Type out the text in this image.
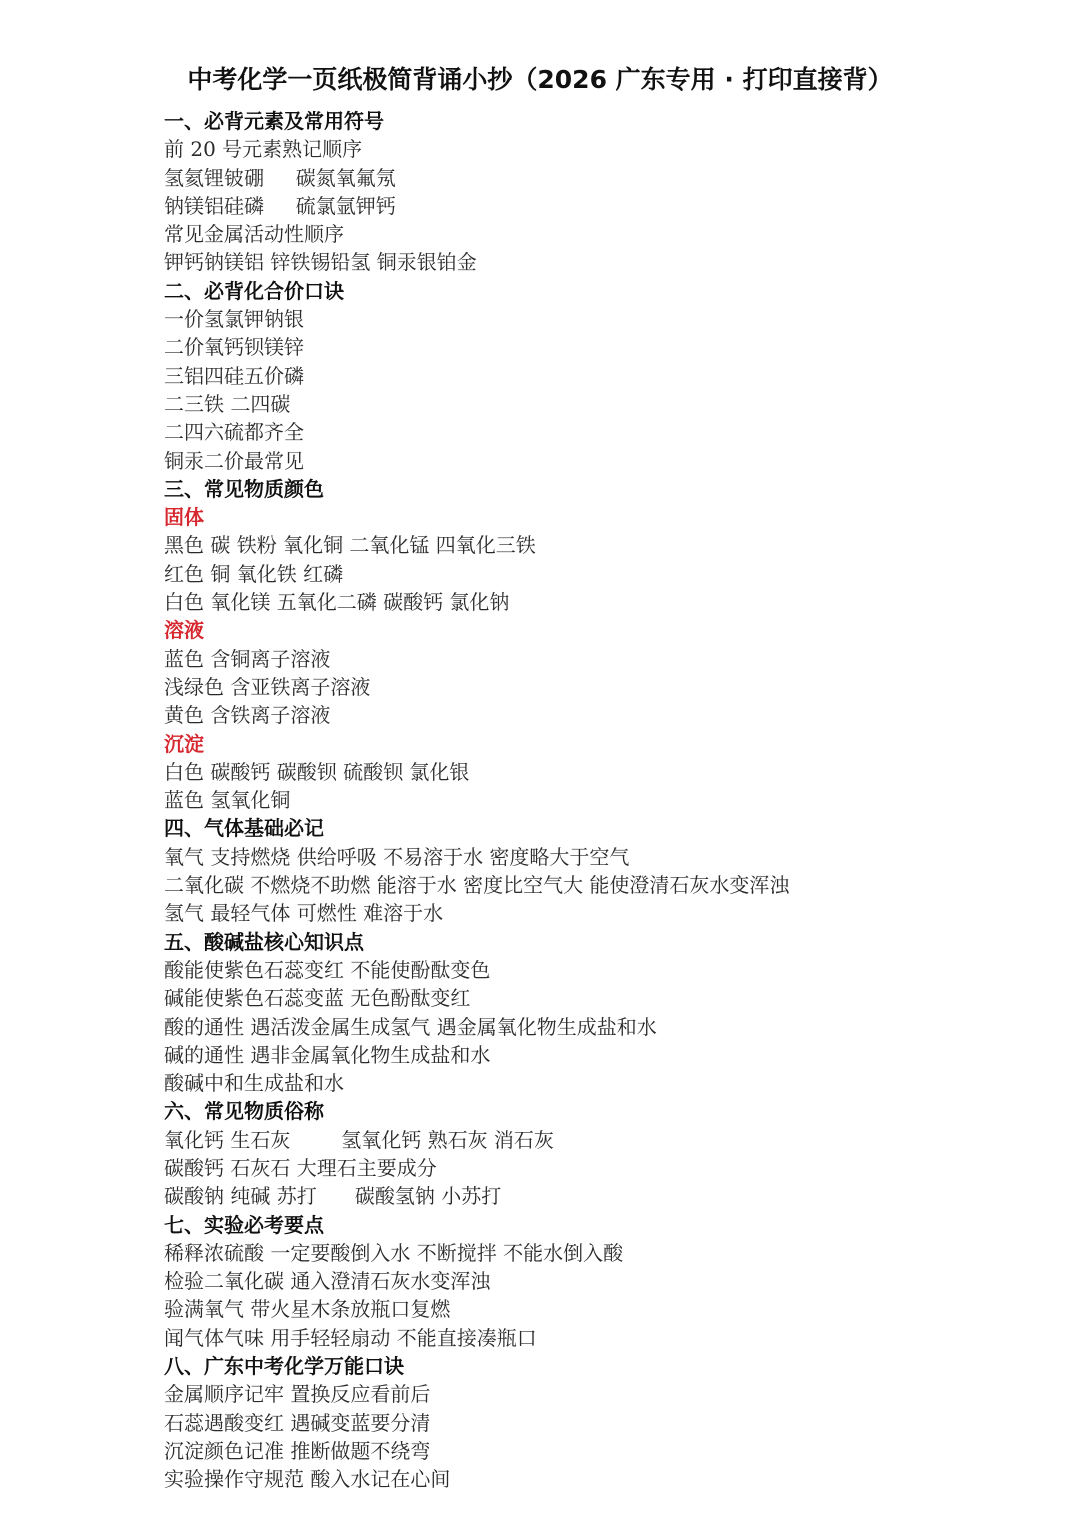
中考化学一页纸极简背诵小抄（2026 广东专用 · 打印直接背）
一、必背元素及常用符号
前 20 号元素熟记顺序
氢氦锂铍硼     碳氮氧氟氖
钠镁铝硅磷     硫氯氩钾钙
常见金属活动性顺序
钾钙钠镁铝 锌铁锡铅氢 铜汞银铂金
二、必背化合价口诀
一价氢氯钾钠银
二价氧钙钡镁锌
三铝四硅五价磷
二三铁 二四碳
二四六硫都齐全
铜汞二价最常见
三、常见物质颜色
固体
黑色 碳 铁粉 氧化铜 二氧化锰 四氧化三铁
红色 铜 氧化铁 红磷
白色 氧化镁 五氧化二磷 碳酸钙 氯化钠
溶液
蓝色 含铜离子溶液
浅绿色 含亚铁离子溶液
黄色 含铁离子溶液
沉淀
白色 碳酸钙 碳酸钡 硫酸钡 氯化银
蓝色 氢氧化铜
四、气体基础必记
氧气 支持燃烧 供给呼吸 不易溶于水 密度略大于空气
二氧化碳 不燃烧不助燃 能溶于水 密度比空气大 能使澄清石灰水变浑浊
氢气 最轻气体 可燃性 难溶于水
五、酸碱盐核心知识点
酸能使紫色石蕊变红 不能使酚酞变色
碱能使紫色石蕊变蓝 无色酚酞变红
酸的通性 遇活泼金属生成氢气 遇金属氧化物生成盐和水
碱的通性 遇非金属氧化物生成盐和水
酸碱中和生成盐和水
六、常见物质俗称
氧化钙 生石灰        氢氧化钙 熟石灰 消石灰
碳酸钙 石灰石 大理石主要成分
碳酸钠 纯碱 苏打      碳酸氢钠 小苏打
七、实验必考要点
稀释浓硫酸 一定要酸倒入水 不断搅拌 不能水倒入酸
检验二氧化碳 通入澄清石灰水变浑浊
验满氧气 带火星木条放瓶口复燃
闻气体气味 用手轻轻扇动 不能直接凑瓶口
八、广东中考化学万能口诀
金属顺序记牢 置换反应看前后
石蕊遇酸变红 遇碱变蓝要分清
沉淀颜色记准 推断做题不绕弯
实验操作守规范 酸入水记在心间
